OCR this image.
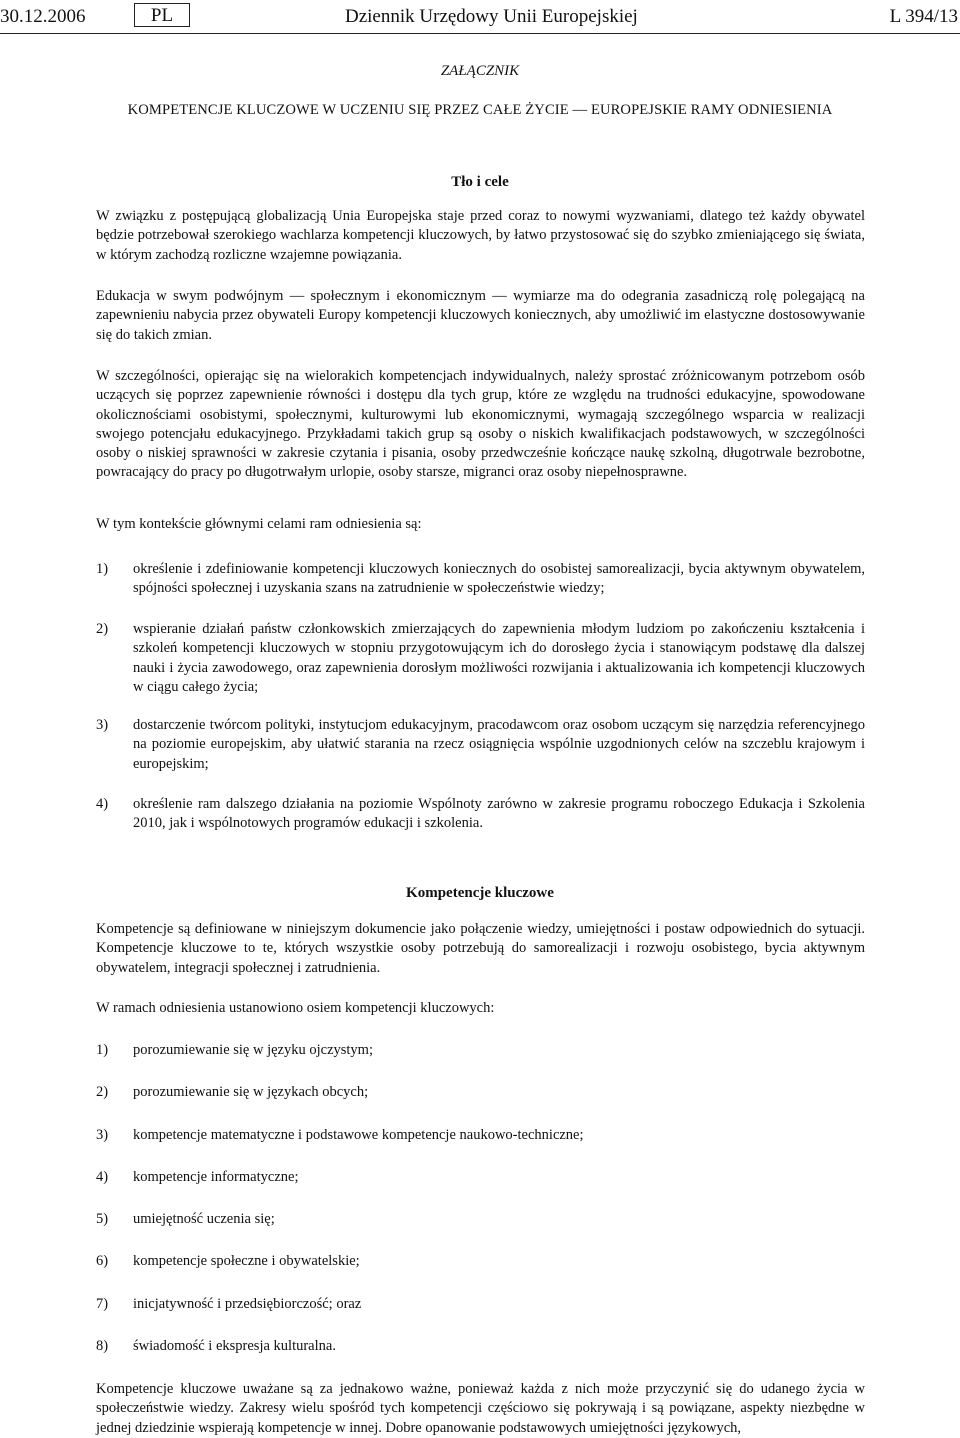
30.12.2006	PL	Dziennik Urzędowy Unii Europejskiej	L 394/13
ZAŁĄCZNIK
KOMPETENCJE KLUCZOWE W UCZENIU SIĘ PRZEZ CAŁE ŻYCIE — EUROPEJSKIE RAMY ODNIESIENIA
Tło i cele

W związku z postępującą globalizacją Unia Europejska staje przed coraz to nowymi wyzwaniami, dlatego też każdy obywatel będzie potrzebował szerokiego wachlarza kompetencji kluczowych, by łatwo przystosować się do szybko zmieniającego się świata, w którym zachodzą rozliczne wzajemne powiązania.

Edukacja w swym podwójnym — społecznym i ekonomicznym — wymiarze ma do odegrania zasadniczą rolę polegającą na zapewnieniu nabycia przez obywateli Europy kompetencji kluczowych koniecznych, aby umożliwić im elastyczne dostosowywanie się do takich zmian.

W szczególności, opierając się na wielorakich kompetencjach indywidualnych, należy sprostać zróżnicowanym potrzebom osób uczących się poprzez zapewnienie równości i dostępu dla tych grup, które ze względu na trudności edukacyjne, spowodowane okolicznościami osobistymi, społecznymi, kulturowymi lub ekonomicznymi, wymagają szczególnego wsparcia w realizacji swojego potencjału edukacyjnego. Przykładami takich grup są osoby o niskich kwalifikacjach podstawowych, w szczególności osoby o niskiej sprawności w zakresie czytania i pisania, osoby przedwcześnie kończące naukę szkolną, długotrwale bezrobotne, powracający do pracy po długotrwałym urlopie, osoby starsze, migranci oraz osoby niepełnosprawne.

W tym kontekście głównymi celami ram odniesienia są:

1) określenie i zdefiniowanie kompetencji kluczowych koniecznych do osobistej samorealizacji, bycia aktywnym obywatelem, spójności społecznej i uzyskania szans na zatrudnienie w społeczeństwie wiedzy;
2) wspieranie działań państw członkowskich zmierzających do zapewnienia młodym ludziom po zakończeniu kształcenia i szkoleń kompetencji kluczowych w stopniu przygotowującym ich do dorosłego życia i stanowiącym podstawę dla dalszej nauki i życia zawodowego, oraz zapewnienia dorosłym możliwości rozwijania i aktualizowania ich kompetencji kluczowych w ciągu całego życia;
3) dostarczenie twórcom polityki, instytucjom edukacyjnym, pracodawcom oraz osobom uczącym się narzędzia referencyjnego na poziomie europejskim, aby ułatwić starania na rzecz osiągnięcia wspólnie uzgodnionych celów na szczeblu krajowym i europejskim;
4) określenie ram dalszego działania na poziomie Wspólnoty zarówno w zakresie programu roboczego Edukacja i Szkolenia 2010, jak i wspólnotowych programów edukacji i szkolenia.
Kompetencje kluczowe

Kompetencje są definiowane w niniejszym dokumencie jako połączenie wiedzy, umiejętności i postaw odpowiednich do sytuacji. Kompetencje kluczowe to te, których wszystkie osoby potrzebują do samorealizacji i rozwoju osobistego, bycia aktywnym obywatelem, integracji społecznej i zatrudnienia.

W ramach odniesienia ustanowiono osiem kompetencji kluczowych:

1) porozumiewanie się w języku ojczystym;
2) porozumiewanie się w językach obcych;
3) kompetencje matematyczne i podstawowe kompetencje naukowo-techniczne;
4) kompetencje informatyczne;
5) umiejętność uczenia się;
6) kompetencje społeczne i obywatelskie;
7) inicjatywność i przedsiębiorczość; oraz
8) świadomość i ekspresja kulturalna.

Kompetencje kluczowe uważane są za jednakowo ważne, ponieważ każda z nich może przyczynić się do udanego życia w społeczeństwie wiedzy. Zakresy wielu spośród tych kompetencji częściowo się pokrywają i są powiązane, aspekty niezbędne w jednej dziedzinie wspierają kompetencje w innej. Dobre opanowanie podstawowych umiejętności językowych,
